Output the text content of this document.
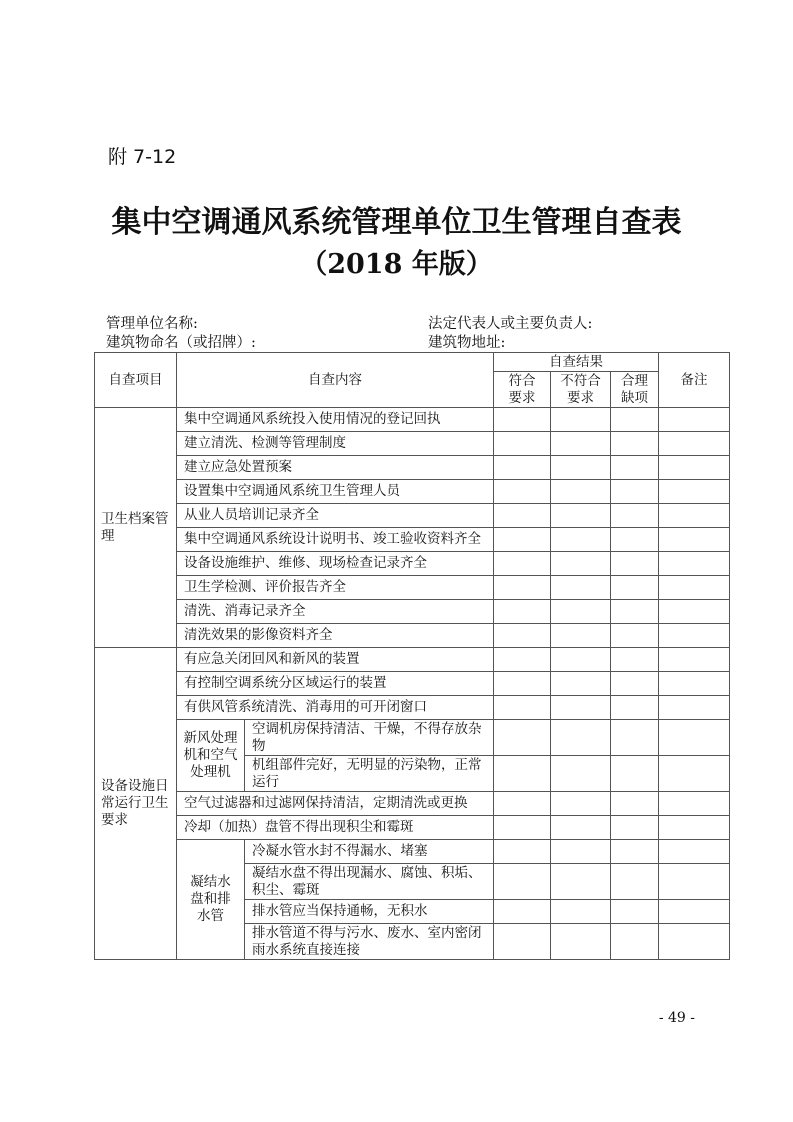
附 7-12
集中空调通风系统管理单位卫生管理自查表
（2018 年版）
管理单位名称:	法定代表人或主要负责人:
建筑物命名（或招牌）:	建筑物地址:
自查项目	自查内容		自查结果			备注
			符合要求	不符合要求	合理缺项	
卫生档案管理	集中空调通风系统投入使用情况的登记回执					
	建立清洗、检测等管理制度					
	建立应急处置预案					
	设置集中空调通风系统卫生管理人员					
	从业人员培训记录齐全					
	集中空调通风系统设计说明书、竣工验收资料齐全					
	设备设施维护、维修、现场检查记录齐全					
	卫生学检测、评价报告齐全					
	清洗、消毒记录齐全					
	清洗效果的影像资料齐全					
设备设施日常运行卫生要求	有应急关闭回风和新风的装置					
	有控制空调系统分区域运行的装置					
	有供风管系统清洗、消毒用的可开闭窗口					
	新风处理机和空气处理机	空调机房保持清洁、干燥，不得存放杂物				
		机组部件完好，无明显的污染物，正常运行				
	空气过滤器和过滤网保持清洁，定期清洗或更换					
	冷却（加热）盘管不得出现积尘和霉斑					

	凝结水盘和排水管	冷凝水管水封不得漏水、堵塞				
		凝结水盘不得出现漏水、腐蚀、积垢、积尘、霉斑				
		排水管应当保持通畅，无积水				
		排水管道不得与污水、废水、室内密闭雨水系统直接连接				
- 49 -
